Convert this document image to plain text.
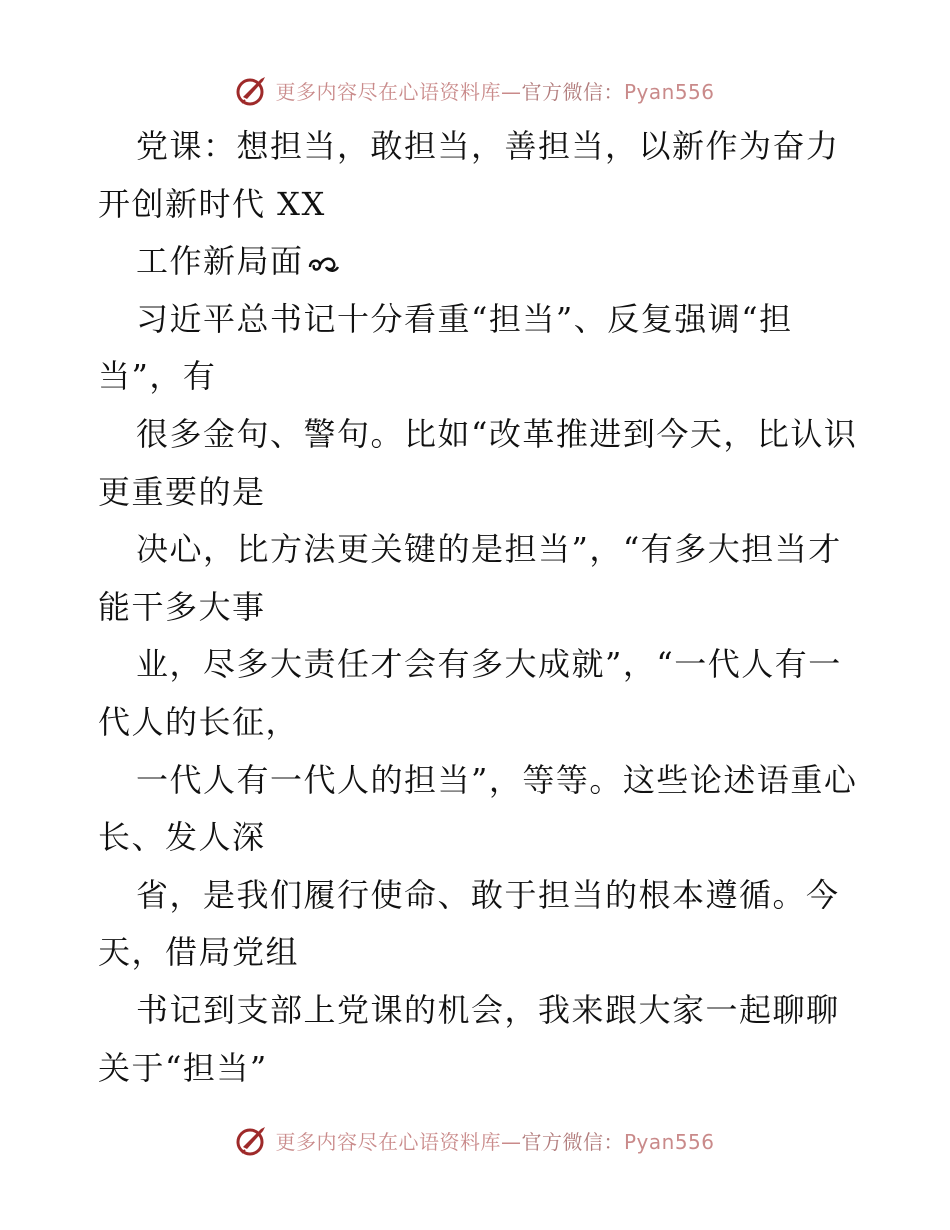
更多内容尽在心语资料库—官方微信：Pyan556

党课：想担当，敢担当，善担当，以新作为奋力开创新时代 XX

工作新局面

习近平总书记十分看重“担当”、反复强调“担当”，有

很多金句、警句。比如“改革推进到今天，比认识更重要的是

决心，比方法更关键的是担当”，“有多大担当才能干多大事

业，尽多大责任才会有多大成就”，“一代人有一代人的长征，

一代人有一代人的担当”，等等。这些论述语重心长、发人深

省，是我们履行使命、敢于担当的根本遵循。今天，借局党组

书记到支部上党课的机会，我来跟大家一起聊聊关于“担当”

更多内容尽在心语资料库—官方微信：Pyan556
